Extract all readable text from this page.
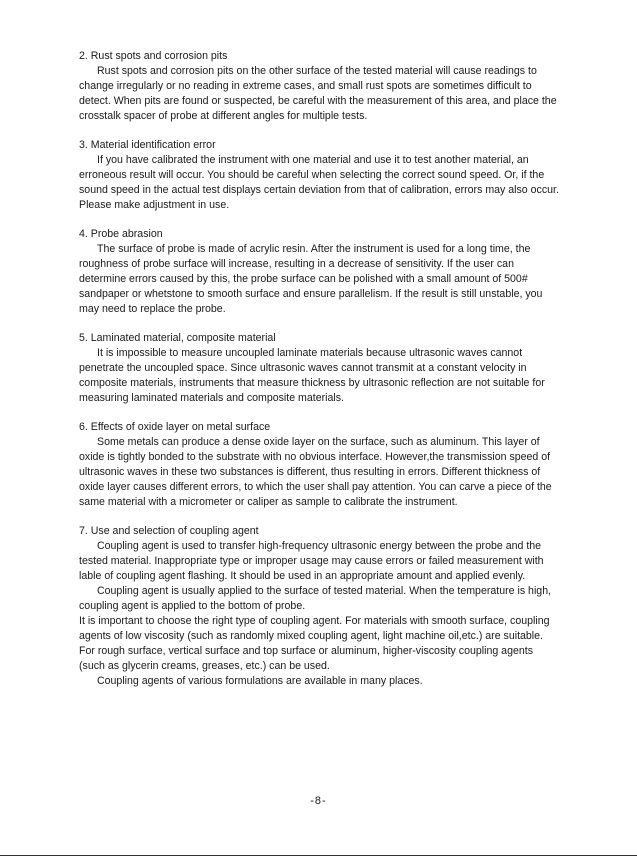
2. Rust spots and corrosion pits

Rust spots and corrosion pits on the other surface of the tested material will cause readings to change irregularly or no reading in extreme cases, and small rust spots are sometimes difficult to detect. When pits are found or suspected, be careful with the measurement of this area, and place the crosstalk spacer of probe at different angles for multiple tests.

3. Material identification error

If you have calibrated the instrument with one material and use it to test another material, an erroneous result will occur. You should be careful when selecting the correct sound speed. Or, if the sound speed in the actual test displays certain deviation from that of calibration, errors may also occur. Please make adjustment in use.

4. Probe abrasion

The surface of probe is made of acrylic resin. After the instrument is used for a long time, the roughness of probe surface will increase, resulting in a decrease of sensitivity. If the user can determine errors caused by this, the probe surface can be polished with a small amount of 500# sandpaper or whetstone to smooth surface and ensure parallelism. If the result is still unstable, you may need to replace the probe.

5. Laminated material, composite material

It is impossible to measure uncoupled laminate materials because ultrasonic waves cannot penetrate the uncoupled space. Since ultrasonic waves cannot transmit at a constant velocity in composite materials, instruments that measure thickness by ultrasonic reflection are not suitable for measuring laminated materials and composite materials.

6. Effects of oxide layer on metal surface

Some metals can produce a dense oxide layer on the surface, such as aluminum. This layer of oxide is tightly bonded to the substrate with no obvious interface. However,the transmission speed of ultrasonic waves in these two substances is different, thus resulting in errors. Different thickness of oxide layer causes different errors, to which the user shall pay attention. You can carve a piece of the same material with a micrometer or caliper as sample to calibrate the instrument.

7. Use and selection of coupling agent

Coupling agent is used to transfer high-frequency ultrasonic energy between the probe and the tested material. Inappropriate type or improper usage may cause errors or failed measurement with lable of coupling agent flashing. It should be used in an appropriate amount and applied evenly.

Coupling agent is usually applied to the surface of tested material. When the temperature is high, coupling agent is applied to the bottom of probe.

It is important to choose the right type of coupling agent. For materials with smooth surface, coupling agents of low viscosity (such as randomly mixed coupling agent, light machine oil,etc.) are suitable. For rough surface, vertical surface and top surface or aluminum, higher-viscosity coupling agents (such as glycerin creams, greases, etc.) can be used.

Coupling agents of various formulations are available in many places.

-8-
